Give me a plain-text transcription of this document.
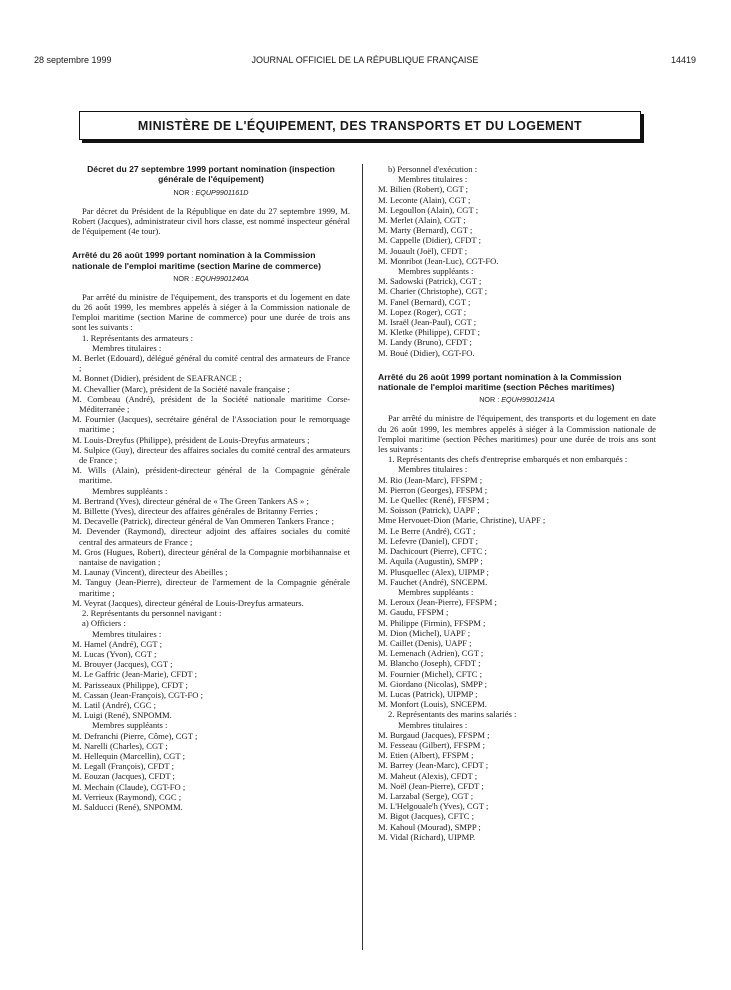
28 septembre 1999	JOURNAL OFFICIEL DE LA RÉPUBLIQUE FRANÇAISE	14419
MINISTÈRE DE L'ÉQUIPEMENT, DES TRANSPORTS ET DU LOGEMENT
Décret du 27 septembre 1999 portant nomination (inspection générale de l'équipement)
NOR : EQUP9901161D

Par décret du Président de la République en date du 27 septembre 1999, M. Robert (Jacques), administrateur civil hors classe, est nommé inspecteur général de l'équipement (4e tour).

Arrêté du 26 août 1999 portant nomination à la Commission nationale de l'emploi maritime (section Marine de commerce)
NOR : EQUH9901240A

Par arrêté du ministre de l'équipement, des transports et du logement en date du 26 août 1999, les membres appelés à siéger à la Commission nationale de l'emploi maritime (section Marine de commerce) pour une durée de trois ans sont les suivants :

1. Représentants des armateurs :

Membres titulaires :

M. Berlet (Edouard), délégué général du comité central des armateurs de France ;

M. Bonnet (Didier), président de SEAFRANCE ;

M. Chevallier (Marc), président de la Société navale française ;

M. Combeau (André), président de la Société nationale maritime Corse-Méditerranée ;

M. Fournier (Jacques), secrétaire général de l'Association pour le remorquage maritime ;

M. Louis-Dreyfus (Philippe), président de Louis-Dreyfus armateurs ;

M. Sulpice (Guy), directeur des affaires sociales du comité central des armateurs de France ;

M. Wills (Alain), président-directeur général de la Compagnie générale maritime.

Membres suppléants :

M. Bertrand (Yves), directeur général de « The Green Tankers AS » ;

M. Billette (Yves), directeur des affaires générales de Britanny Ferries ;

M. Decavelle (Patrick), directeur général de Van Ommeren Tankers France ;

M. Devender (Raymond), directeur adjoint des affaires sociales du comité central des armateurs de France ;

M. Gros (Hugues, Robert), directeur général de la Compagnie morbihannaise et nantaise de navigation ;

M. Launay (Vincent), directeur des Abeilles ;

M. Tanguy (Jean-Pierre), directeur de l'armement de la Compagnie générale maritime ;

M. Veyrat (Jacques), directeur général de Louis-Dreyfus armateurs.

2. Représentants du personnel navigant :

a) Officiers :

Membres titulaires :

M. Hamel (André), CGT ;

M. Lucas (Yvon), CGT ;

M. Brouyer (Jacques), CGT ;

M. Le Gaffric (Jean-Marie), CFDT ;

M. Parisseaux (Philippe), CFDT ;

M. Cassan (Jean-François), CGT-FO ;

M. Latil (André), CGC ;

M. Luigi (René), SNPOMM.

Membres suppléants :

M. Defranchi (Pierre, Côme), CGT ;

M. Narelli (Charles), CGT ;

M. Hellequin (Marcellin), CGT ;

M. Legall (François), CFDT ;

M. Eouzan (Jacques), CFDT ;

M. Mechain (Claude), CGT-FO ;

M. Verrieux (Raymond), CGC ;

M. Salducci (René), SNPOMM.

b) Personnel d'exécution :

Membres titulaires :

M. Bilien (Robert), CGT ;

M. Leconte (Alain), CGT ;

M. Legoullon (Alain), CGT ;

M. Merlet (Alain), CGT ;

M. Marty (Bernard), CGT ;

M. Cappelle (Didier), CFDT ;

M. Jouault (Joël), CFDT ;

M. Monribot (Jean-Luc), CGT-FO.

Membres suppléants :

M. Sadowski (Patrick), CGT ;

M. Charier (Christophe), CGT ;

M. Fanel (Bernard), CGT ;

M. Lopez (Roger), CGT ;

M. Israël (Jean-Paul), CGT ;

M. Kletke (Philippe), CFDT ;

M. Landy (Bruno), CFDT ;

M. Boué (Didier), CGT-FO.

Arrêté du 26 août 1999 portant nomination à la Commission nationale de l'emploi maritime (section Pêches maritimes)
NOR : EQUH9901241A

Par arrêté du ministre de l'équipement, des transports et du logement en date du 26 août 1999, les membres appelés à siéger à la Commission nationale de l'emploi maritime (section Pêches maritimes) pour une durée de trois ans sont les suivants :

1. Représentants des chefs d'entreprise embarqués et non embarqués :

Membres titulaires :

M. Rio (Jean-Marc), FFSPM ;

M. Pierron (Georges), FFSPM ;

M. Le Quellec (René), FFSPM ;

M. Soisson (Patrick), UAPF ;

Mme Hervouet-Dion (Marie, Christine), UAPF ;

M. Le Berre (André), CGT ;

M. Lefevre (Daniel), CFDT ;

M. Dachicourt (Pierre), CFTC ;

M. Aquila (Augustin), SMPP ;

M. Plusquellec (Alex), UIPMP ;

M. Fauchet (André), SNCEPM.

Membres suppléants :

M. Leroux (Jean-Pierre), FFSPM ;

M. Gaudu, FFSPM ;

M. Philippe (Firmin), FFSPM ;

M. Dion (Michel), UAPF ;

M. Caillet (Denis), UAPF ;

M. Lemenach (Adrien), CGT ;

M. Blancho (Joseph), CFDT ;

M. Fournier (Michel), CFTC ;

M. Giordano (Nicolas), SMPP ;

M. Lucas (Patrick), UIPMP ;

M. Monfort (Louis), SNCEPM.

2. Représentants des marins salariés :

Membres titulaires :

M. Burgaud (Jacques), FFSPM ;

M. Fesseau (Gilbert), FFSPM ;

M. Etien (Albert), FFSPM ;

M. Barrey (Jean-Marc), CFDT ;

M. Maheut (Alexis), CFDT ;

M. Noël (Jean-Pierre), CFDT ;

M. Larzabal (Serge), CGT ;

M. L'Helgouale'h (Yves), CGT ;

M. Bigot (Jacques), CFTC ;

M. Kahoul (Mourad), SMPP ;

M. Vidal (Richard), UIPMP.
